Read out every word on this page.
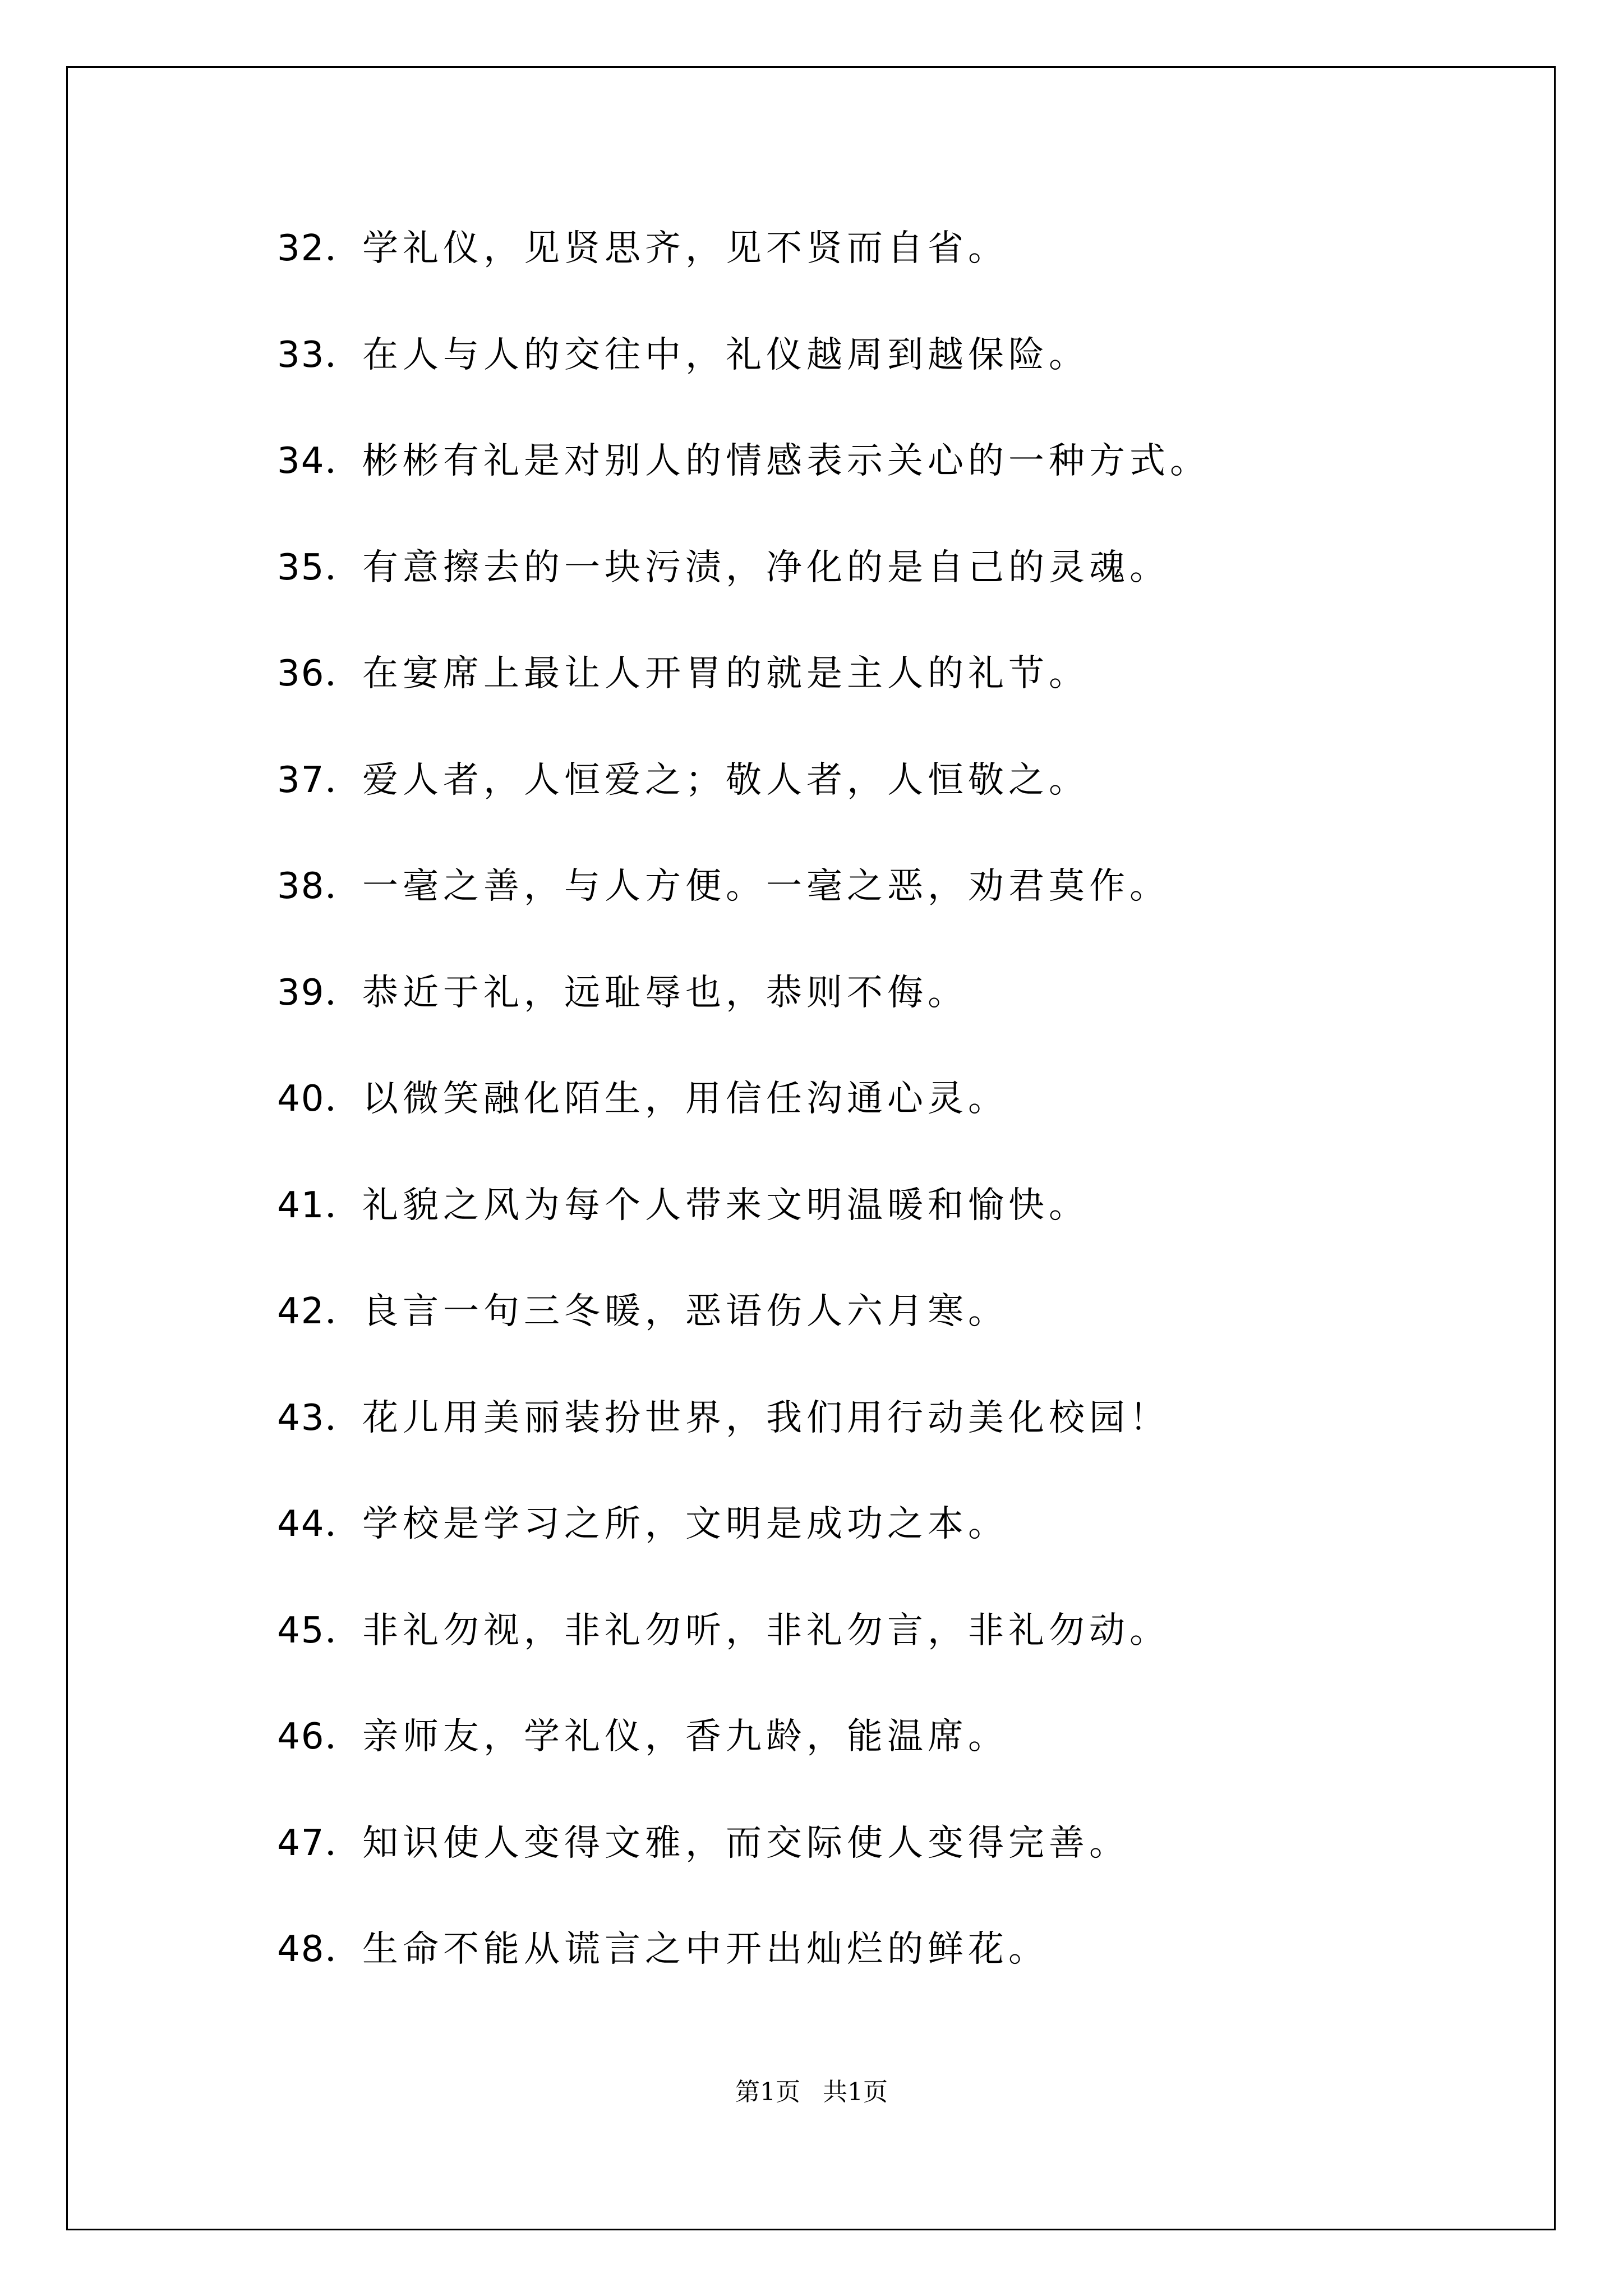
32． 学礼仪，见贤思齐，见不贤而自省。
33． 在人与人的交往中，礼仪越周到越保险。
34． 彬彬有礼是对别人的情感表示关心的一种方式。
35． 有意擦去的一块污渍，净化的是自己的灵魂。
36． 在宴席上最让人开胃的就是主人的礼节。
37． 爱人者，人恒爱之；敬人者，人恒敬之。
38． 一毫之善，与人方便。一毫之恶，劝君莫作。
39． 恭近于礼，远耻辱也，恭则不侮。
40． 以微笑融化陌生，用信任沟通心灵。
41． 礼貌之风为每个人带来文明温暖和愉快。
42． 良言一句三冬暖，恶语伤人六月寒。
43． 花儿用美丽装扮世界，我们用行动美化校园！
44． 学校是学习之所，文明是成功之本。
45． 非礼勿视，非礼勿听，非礼勿言，非礼勿动。
46． 亲师友，学礼仪，香九龄，能温席。
47． 知识使人变得文雅，而交际使人变得完善。
48． 生命不能从谎言之中开出灿烂的鲜花。
第1页 共1页
